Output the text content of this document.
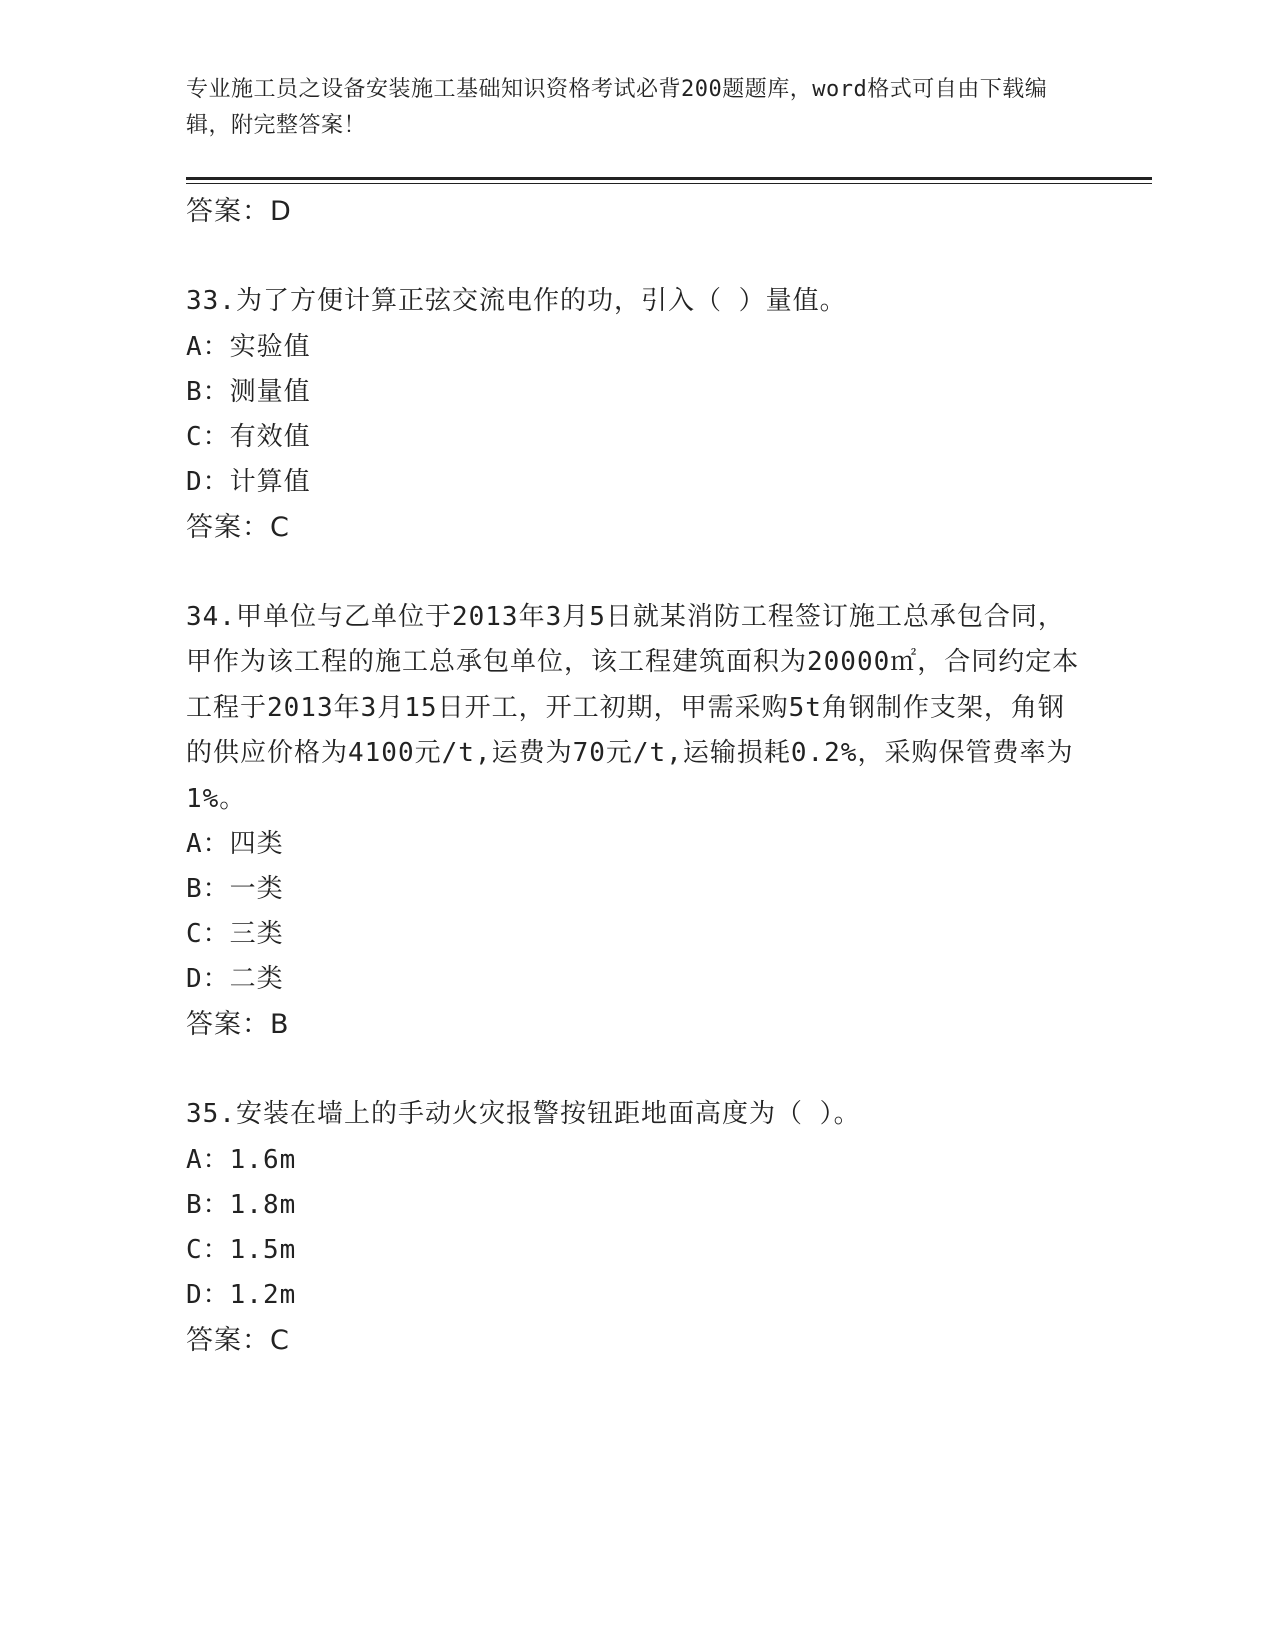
专业施工员之设备安装施工基础知识资格考试必背200题题库，word格式可自由下载编辑，附完整答案！
答案：D
33.为了方便计算正弦交流电作的功，引入（ ）量值。
A：实验值
B：测量值
C：有效值
D：计算值
答案：C
34.甲单位与乙单位于2013年3月5日就某消防工程签订施工总承包合同，甲作为该工程的施工总承包单位，该工程建筑面积为20000㎡，合同约定本工程于2013年3月15日开工，开工初期，甲需采购5t角钢制作支架，角钢的供应价格为4100元/t,运费为70元/t,运输损耗0.2%，采购保管费率为1%。
A：四类
B：一类
C：三类
D：二类
答案：B
35.安装在墙上的手动火灾报警按钮距地面高度为（ ）。
A：1.6m
B：1.8m
C：1.5m
D：1.2m
答案：C
